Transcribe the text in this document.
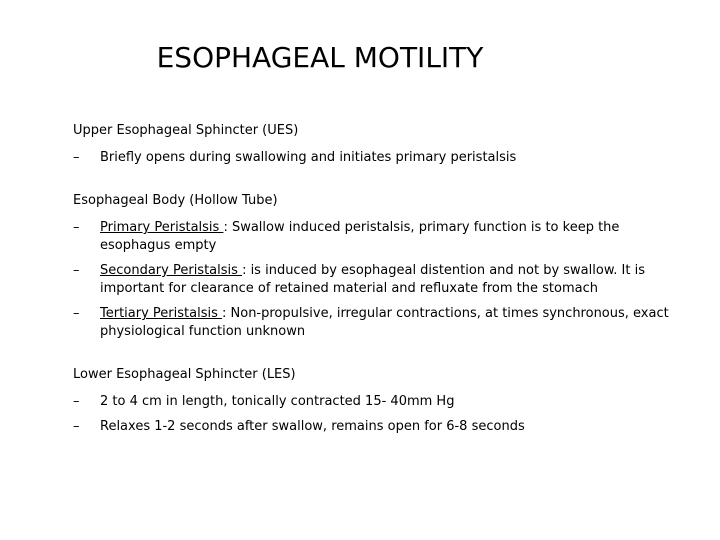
ESOPHAGEAL MOTILITY

Upper Esophageal Sphincter (UES)

– Briefly opens during swallowing and initiates primary peristalsis

Esophageal Body (Hollow Tube)

– Primary Peristalsis : Swallow induced peristalsis, primary function is to keep the esophagus empty
– Secondary Peristalsis : is induced by esophageal distention and not by swallow. It is important for clearance of retained material and refluxate from the stomach
– Tertiary Peristalsis : Non-propulsive, irregular contractions, at times synchronous, exact physiological function unknown

Lower Esophageal Sphincter (LES)

– 2 to 4 cm in length, tonically contracted 15- 40mm Hg
– Relaxes 1-2 seconds after swallow, remains open for 6-8 seconds
